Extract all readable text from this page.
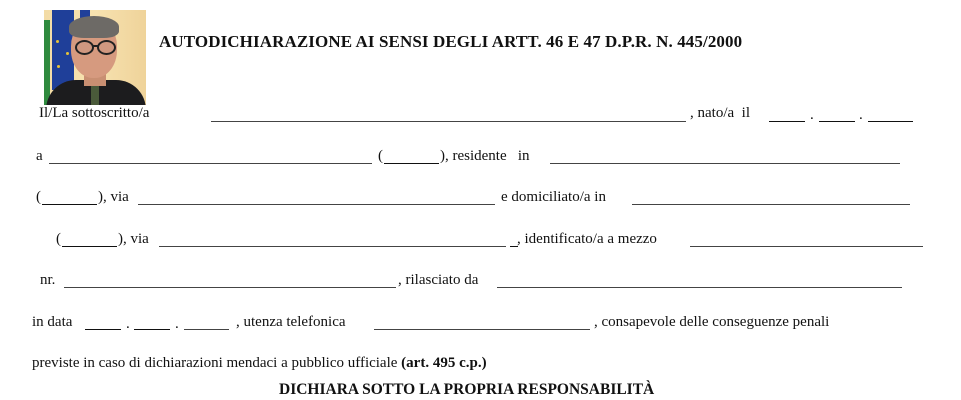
AUTODICHIARAZIONE AI SENSI DEGLI ARTT. 46 E 47 D.P.R. N. 445/2000
Il/La sottoscritto/a	, nato/a  il	.	.
a	(	), residente   in
(	), via	e domiciliato/a in
(	), via	, identificato/a a mezzo
nr.	, rilasciato da
in data	.	.	, utenza telefonica	, consapevole delle conseguenze penali
previste in caso di dichiarazioni mendaci a pubblico ufficiale (art. 495 c.p.)
DICHIARA SOTTO LA PROPRIA RESPONSABILITÀ
